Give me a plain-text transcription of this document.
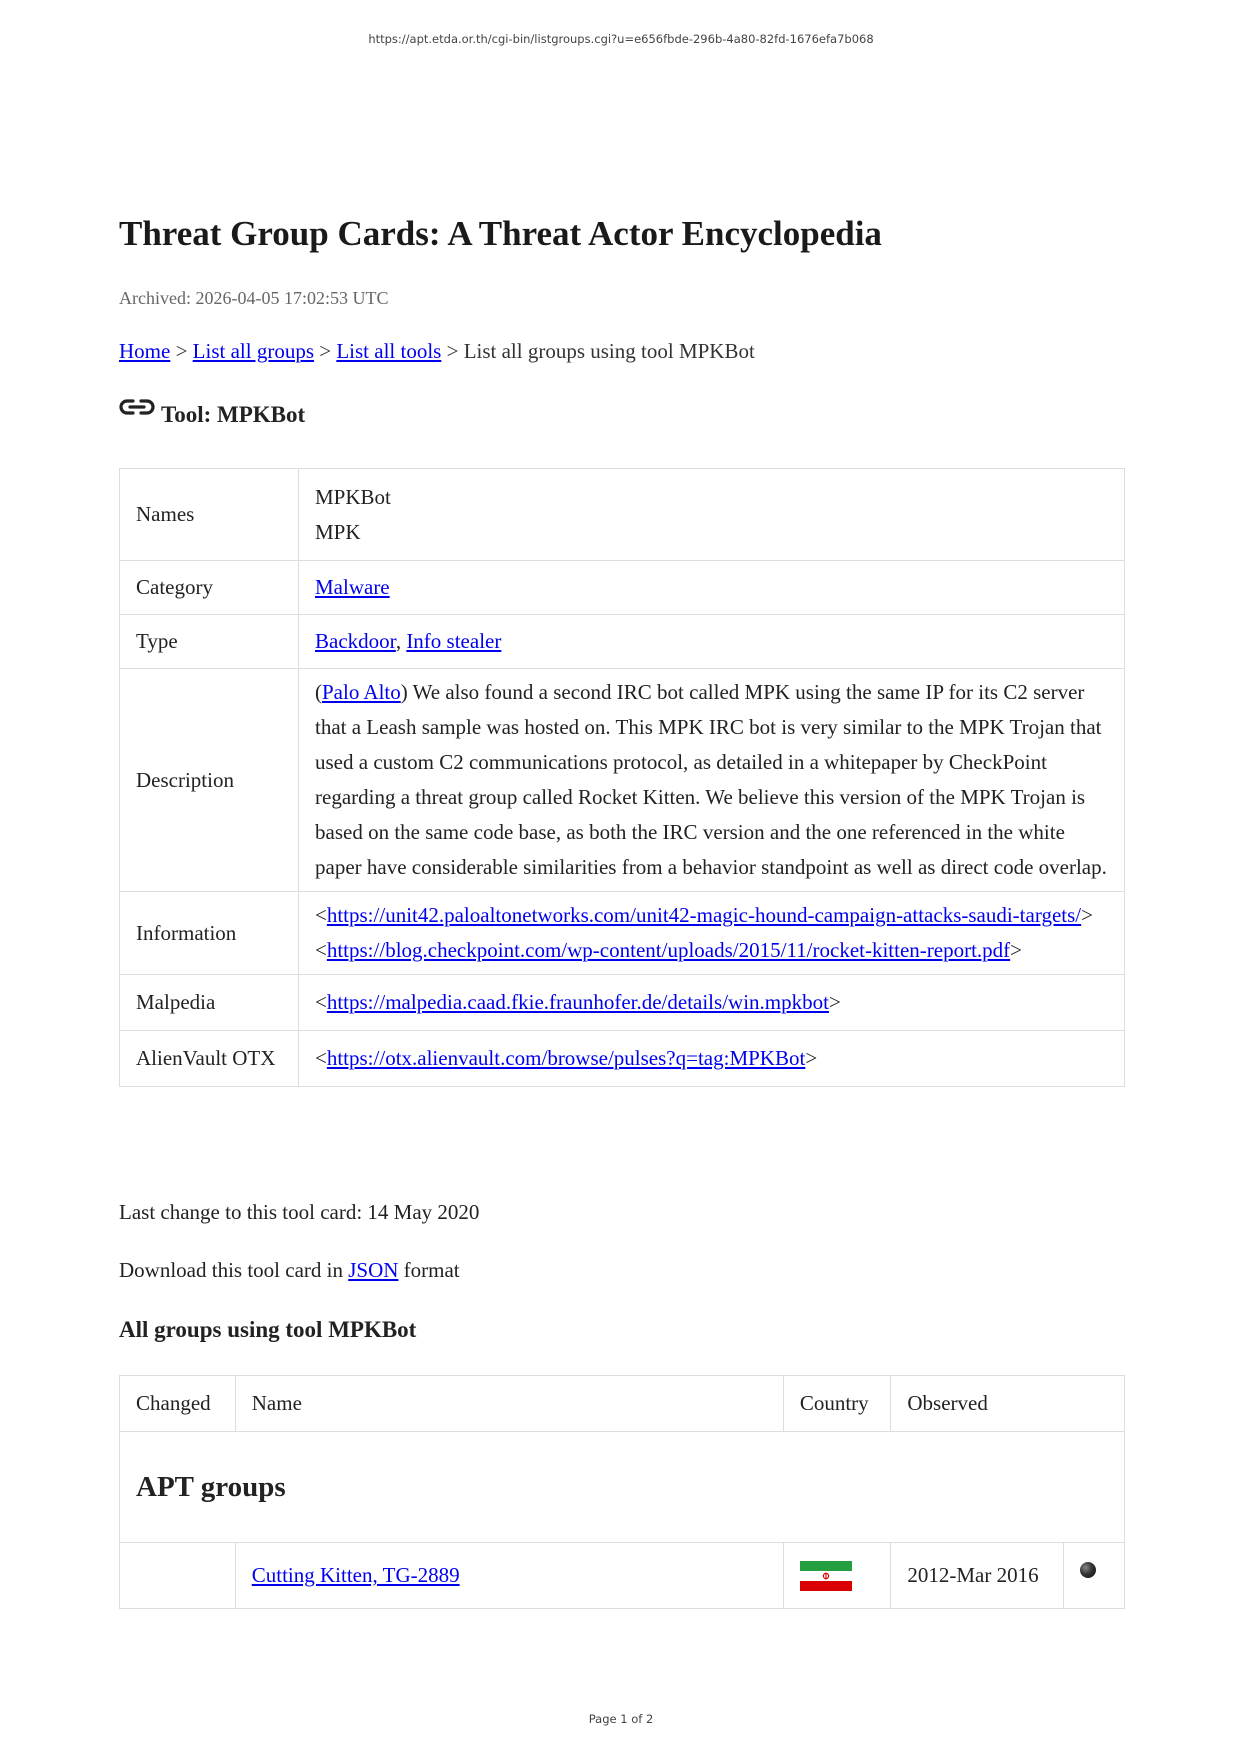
https://apt.etda.or.th/cgi-bin/listgroups.cgi?u=e656fbde-296b-4a80-82fd-1676efa7b068
Threat Group Cards: A Threat Actor Encyclopedia
Archived: 2026-04-05 17:02:53 UTC
Home > List all groups > List all tools > List all groups using tool MPKBot
Tool: MPKBot
Names	MPKBot
MPK

Category	Malware
Type	Backdoor, Info stealer
Description	(Palo Alto) We also found a second IRC bot called MPK using the same IP for its C2 server that a Leash sample was hosted on. This MPK IRC bot is very similar to the MPK Trojan that used a custom C2 communications protocol, as detailed in a whitepaper by CheckPoint regarding a threat group called Rocket Kitten. We believe this version of the MPK Trojan is based on the same code base, as both the IRC version and the one referenced in the white paper have considerable similarities from a behavior standpoint as well as direct code overlap.
Information	<https://unit42.paloaltonetworks.com/unit42-magic-hound-campaign-attacks-saudi-targets/>
<https://blog.checkpoint.com/wp-content/uploads/2015/11/rocket-kitten-report.pdf>

Malpedia	<https://malpedia.caad.fkie.fraunhofer.de/details/win.mpkbot>
AlienVault OTX	<https://otx.alienvault.com/browse/pulses?q=tag:MPKBot>
Last change to this tool card: 14 May 2020
Download this tool card in JSON format
All groups using tool MPKBot
Changed	Name	Country	Observed	
APT groups				
	Cutting Kitten, TG-2889		2012-Mar 2016	
Page 1 of 2
